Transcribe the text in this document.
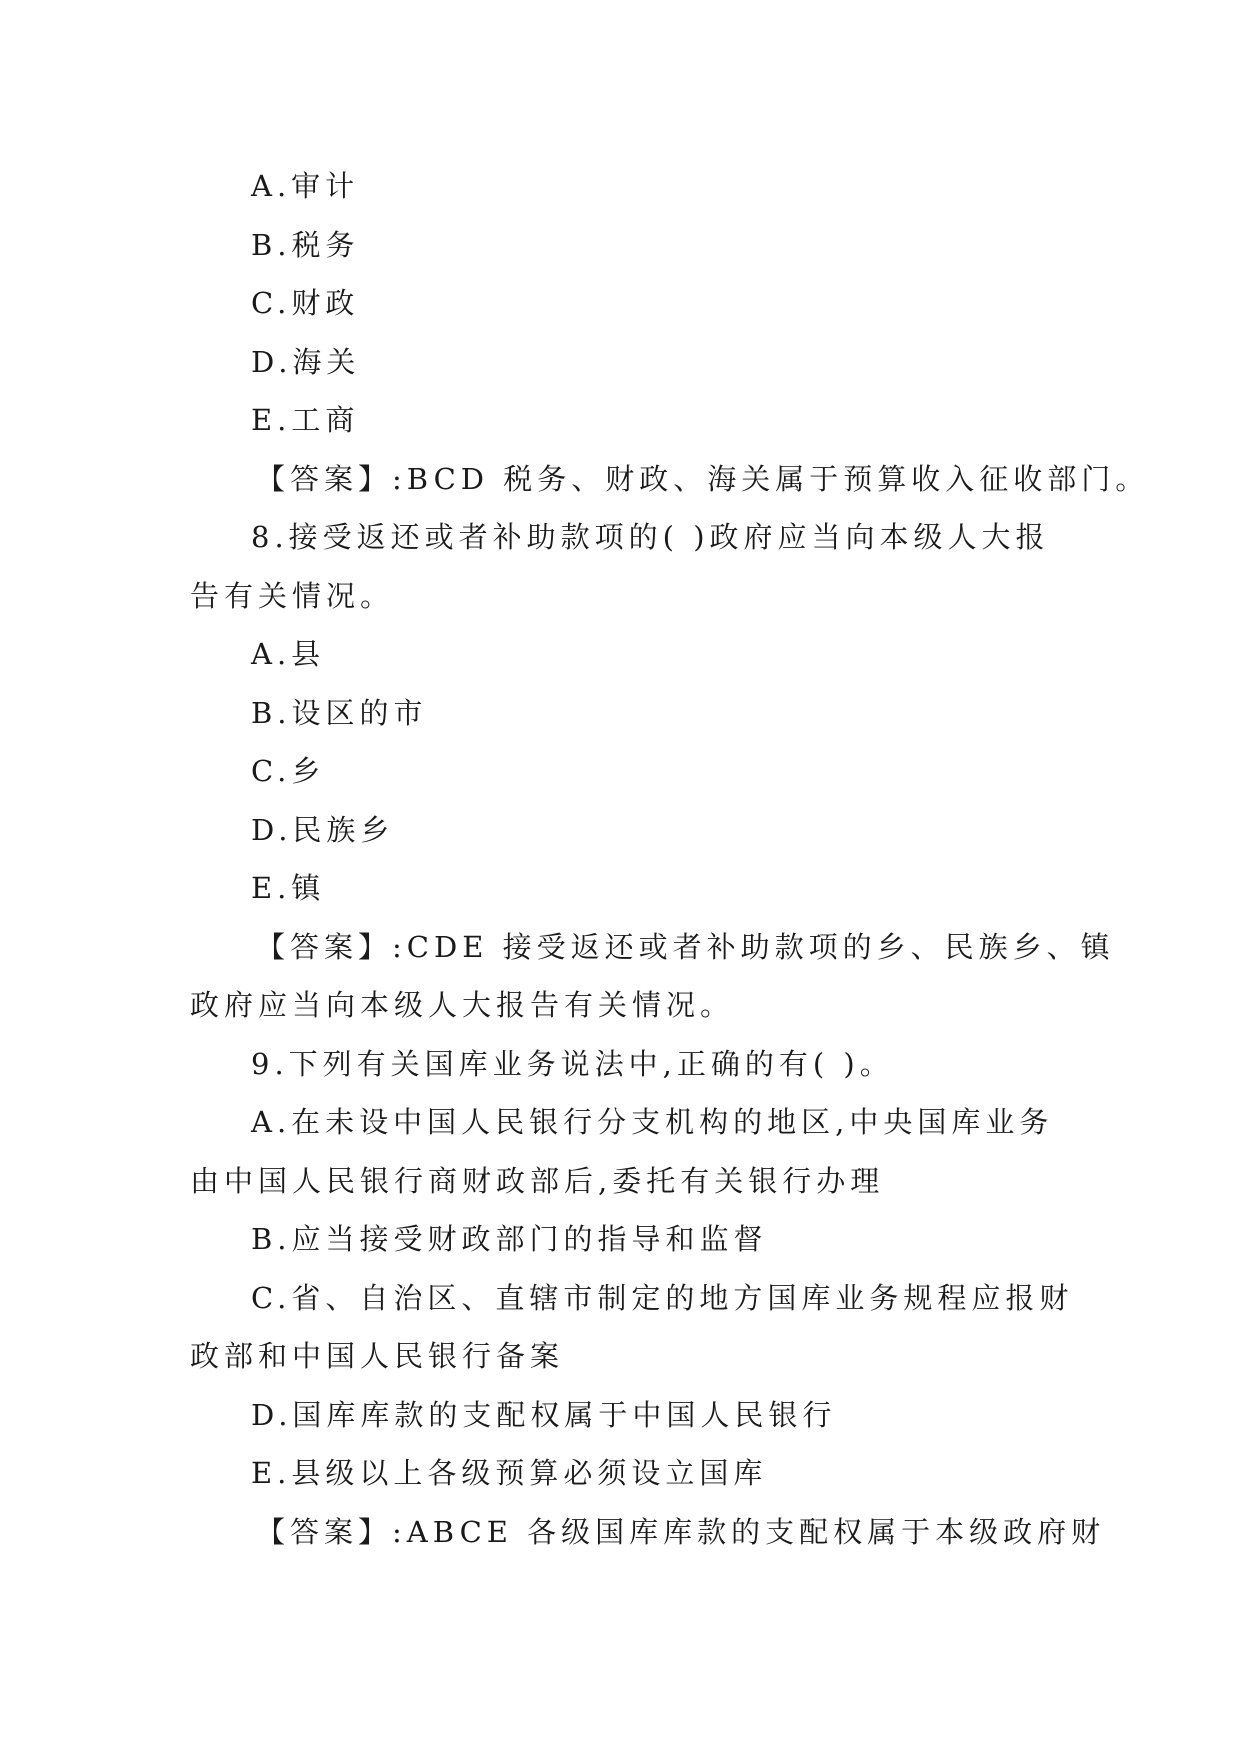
A.审计
B.税务
C.财政
D.海关
E.工商
【答案】:BCD 税务、财政、海关属于预算收入征收部门。
8.接受返还或者补助款项的( )政府应当向本级人大报
告有关情况。
A.县
B.设区的市
C.乡
D.民族乡
E.镇
【答案】:CDE 接受返还或者补助款项的乡、民族乡、镇
政府应当向本级人大报告有关情况。
9.下列有关国库业务说法中,正确的有( )。
A.在未设中国人民银行分支机构的地区,中央国库业务
由中国人民银行商财政部后,委托有关银行办理
B.应当接受财政部门的指导和监督
C.省、自治区、直辖市制定的地方国库业务规程应报财
政部和中国人民银行备案
D.国库库款的支配权属于中国人民银行
E.县级以上各级预算必须设立国库
【答案】:ABCE 各级国库库款的支配权属于本级政府财
